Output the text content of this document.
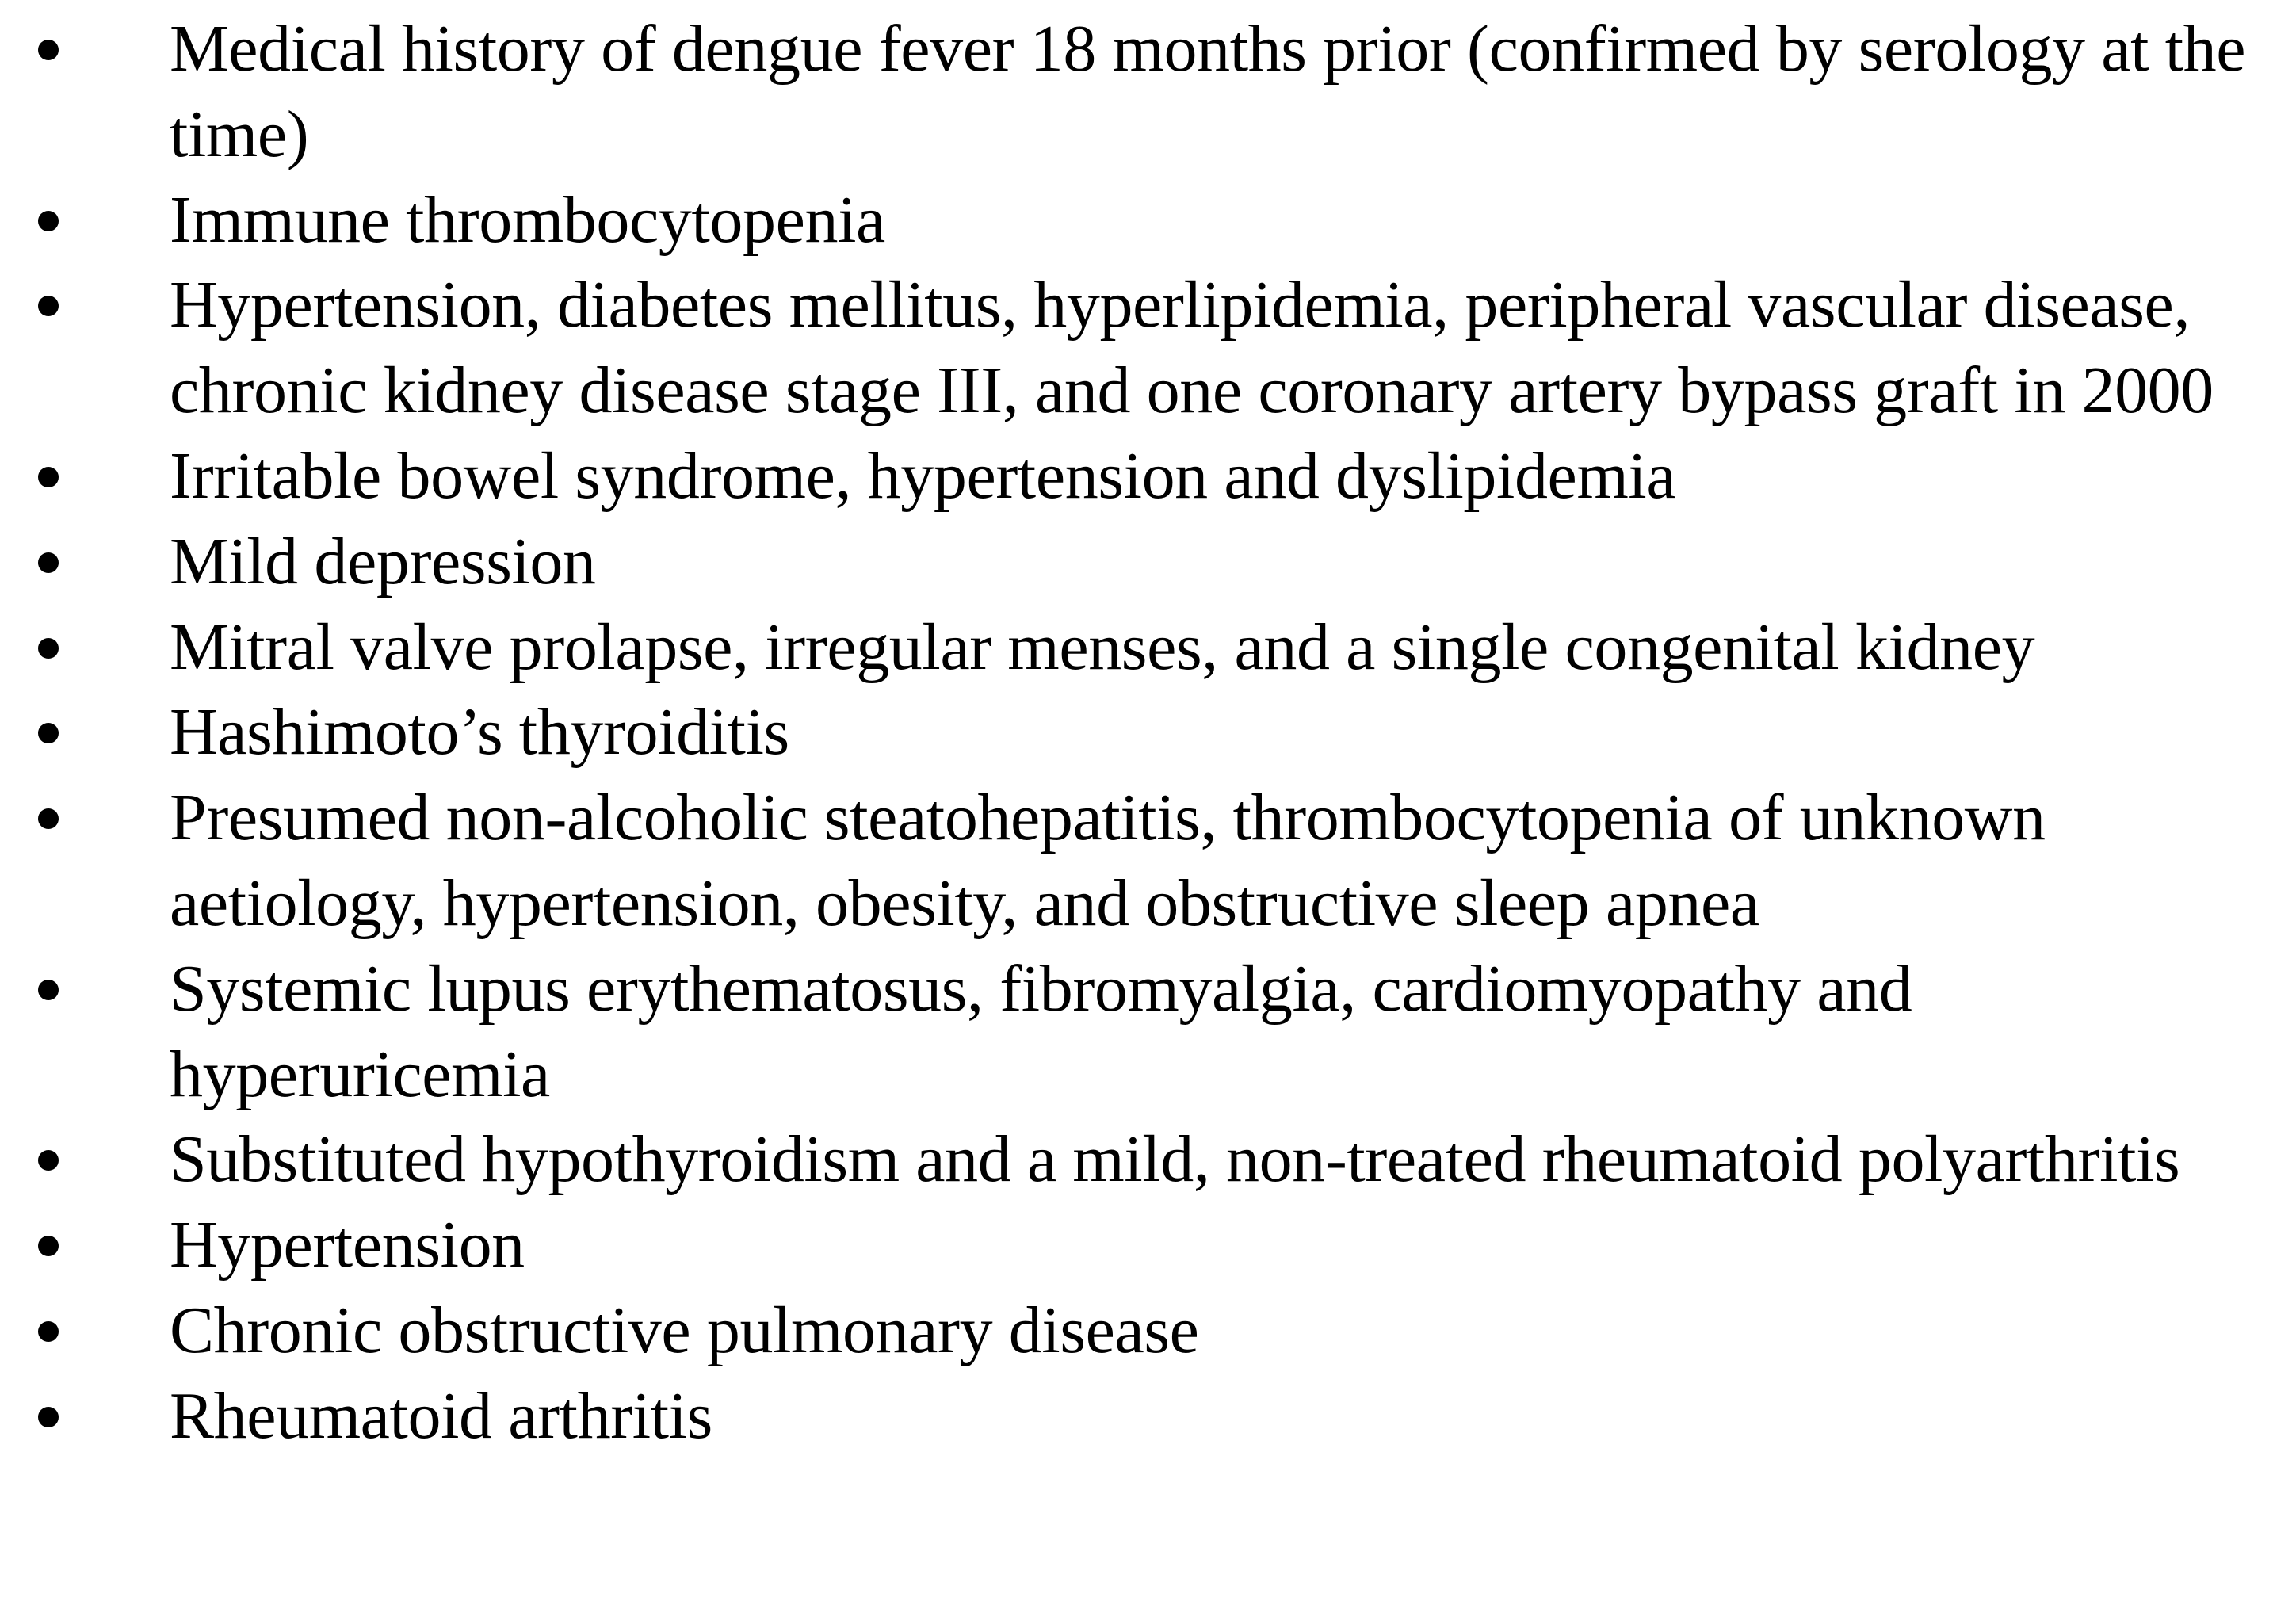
Medical history of dengue fever 18 months prior (confirmed by serology at the time)
Immune thrombocytopenia
Hypertension, diabetes mellitus, hyperlipidemia, peripheral vascular disease, chronic kidney disease stage III, and one coronary artery bypass graft in 2000
Irritable bowel syndrome, hypertension and dyslipidemia
Mild depression
Mitral valve prolapse, irregular menses, and a single congenital kidney
Hashimoto’s thyroiditis
Presumed non-alcoholic steatohepatitis, thrombocytopenia of unknown aetiology, hypertension, obesity, and obstructive sleep apnea
Systemic lupus erythematosus, fibromyalgia, cardiomyopathy and hyperuricemia
Substituted hypothyroidism and a mild, non-treated rheumatoid polyarthritis
Hypertension
Chronic obstructive pulmonary disease
Rheumatoid arthritis
